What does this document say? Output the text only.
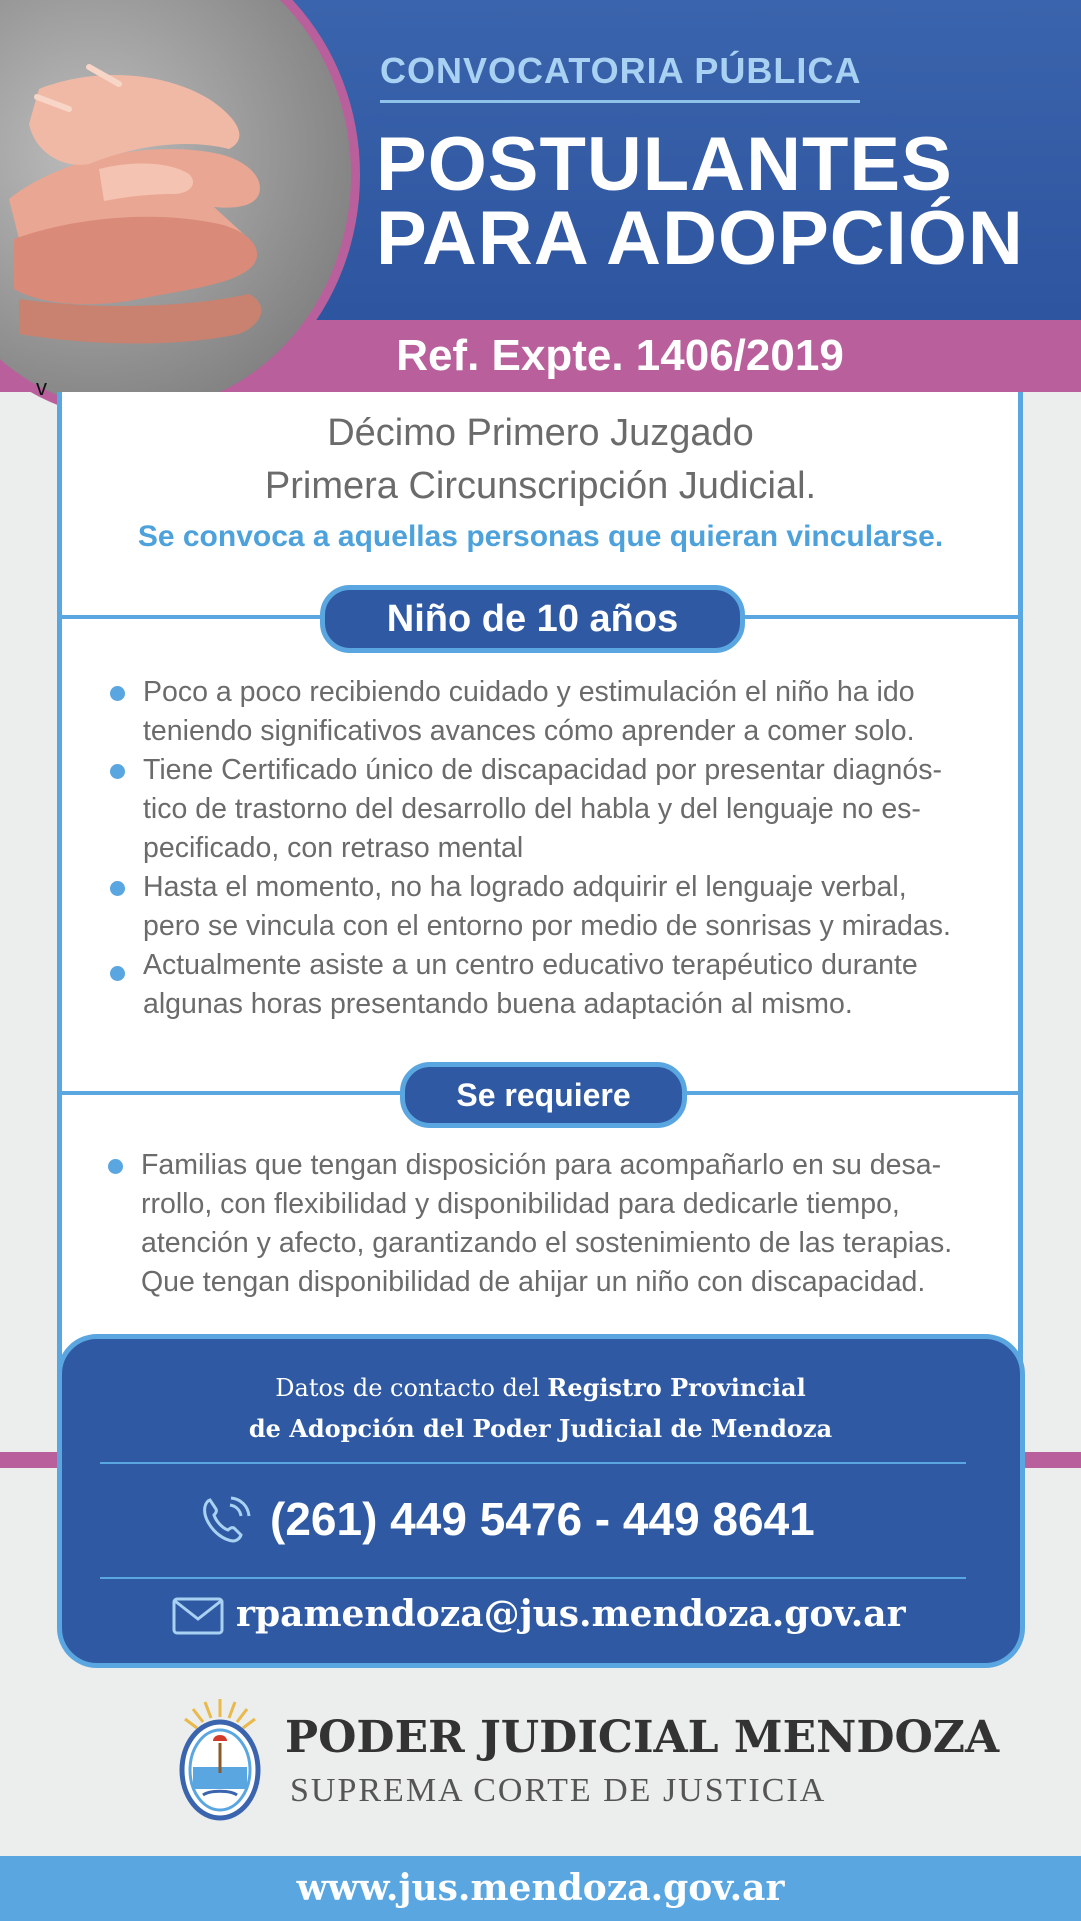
Ref. Expte. 1406/2019
v
CONVOCATORIA PÚBLICA
POSTULANTES
PARA ADOPCIÓN
Décimo Primero Juzgado
Primera Circunscripción Judicial.
Se convoca a aquellas personas que quieran vincularse.
Niño de 10 años
Poco a poco recibiendo cuidado y estimulación el niño ha ido
teniendo significativos avances cómo aprender a comer solo.
Tiene Certificado único de discapacidad por presentar diagnós-
tico de trastorno del desarrollo del habla y del lenguaje no es-
pecificado, con retraso mental
Hasta el momento, no ha logrado adquirir el lenguaje verbal,
pero se vincula con el entorno por medio de sonrisas y miradas.
Actualmente asiste a un centro educativo terapéutico durante
algunas horas presentando buena adaptación al mismo.
Se requiere
Familias que tengan disposición para acompañarlo en su desa-
rrollo, con flexibilidad y disponibilidad para dedicarle tiempo,
atención y afecto, garantizando el sostenimiento de las terapias.
Que tengan disponibilidad de ahijar un niño con discapacidad.
Datos de contacto del Registro Provincial
de Adopción del Poder Judicial de Mendoza
(261) 449 5476 - 449 8641
rpamendoza@jus.mendoza.gov.ar
PODER JUDICIAL MENDOZA
SUPREMA CORTE DE JUSTICIA
www.jus.mendoza.gov.ar
